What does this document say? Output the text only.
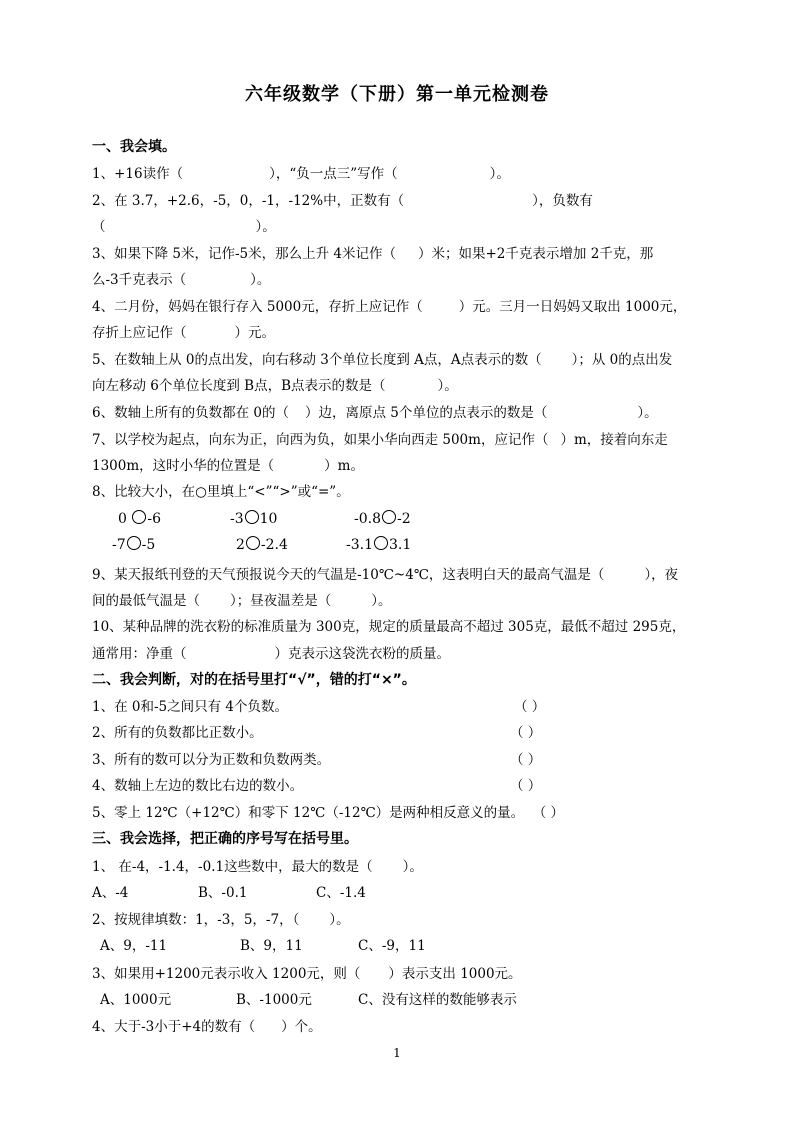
六年级数学（下册）第一单元检测卷
一、我会填。
1、+16读作（	），“负一点三”写作（	）。
2、在 3.7，+2.6，-5，0，-1，-12%中，正数有（	），负数有
（	）。
3、如果下降 5米，记作-5米，那么上升 4米记作（ ）米；如果+2千克表示增加 2千克，那
么-3千克表示（	）。
4、二月份，妈妈在银行存入 5000元，存折上应记作（	）元。三月一日妈妈又取出 1000元，
存折上应记作（	）元。
5、在数轴上从 0的点出发，向右移动 3个单位长度到 A点，A点表示的数（ ）；从 0的点出发
向左移动 6个单位长度到 B点，B点表示的数是（	）。
6、数轴上所有的负数都在 0的（ ）边，离原点 5个单位的点表示的数是（	）。
7、以学校为起点，向东为正，向西为负，如果小华向西走 500m，应记作（ ）m，接着向东走
1300m，这时小华的位置是（	）m。
8、比较大小，在○里填上“<”“>”或“=”。
0 -6	-3 10	-0.8 -2
-7 -5	2 -2.4	-3.1 3.1
9、某天报纸刊登的天气预报说今天的气温是-10℃~4℃，这表明白天的最高气温是（	），夜
间的最低气温是（ ）；昼夜温差是（	）。
10、某种品牌的洗衣粉的标准质量为 300克，规定的质量最高不超过 305克，最低不超过 295克，
通常用：净重（	）克表示这袋洗衣粉的质量。
二、我会判断，对的在括号里打“√”，错的打“×”。
1、在 0和-5之间只有 4个负数。	（ ）
2、所有的负数都比正数小。	（ ）
3、所有的数可以分为正数和负数两类。	（ ）
4、数轴上左边的数比右边的数小。	（ ）
5、零上 12℃（+12℃）和零下 12℃（-12℃）是两种相反意义的量。 （ ）
三、我会选择，把正确的序号写在括号里。
1、 在-4，-1.4，-0.1这些数中，最大的数是（ ）。
A、-4	B、-0.1	C、-1.4
2、按规律填数：1，-3，5，-7，（ ）。
A、9，-11	B、9，11	C、-9，11
3、如果用+1200元表示收入 1200元，则（ ）表示支出 1000元。
A、1000元	B、-1000元	C、没有这样的数能够表示
4、大于-3小于+4的数有（ ）个。
1
